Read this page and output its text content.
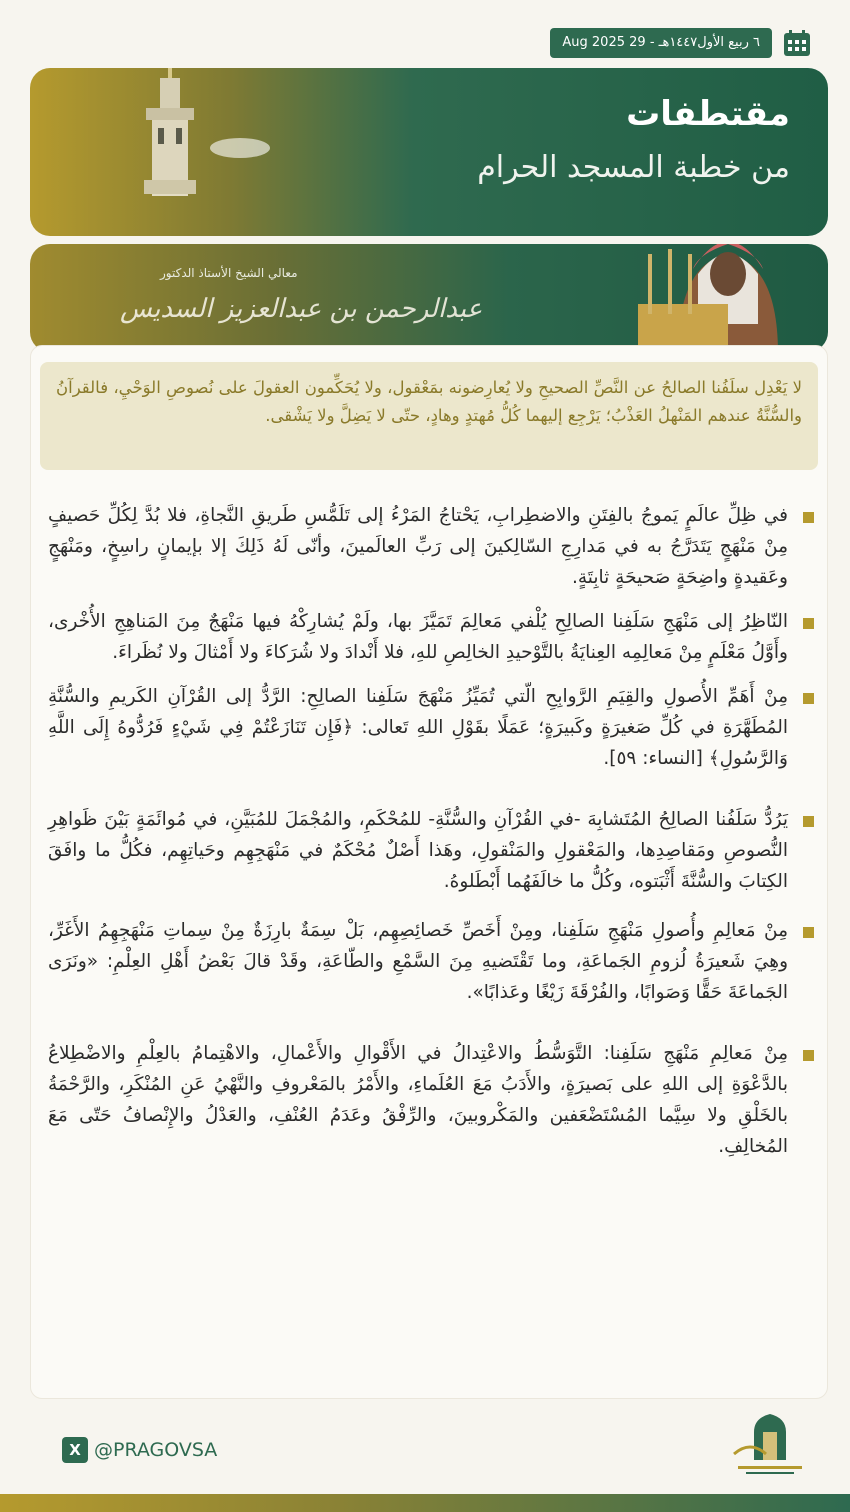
٦ ربيع الأول١٤٤٧هـ - 29 Aug 2025
مقتطفات
من خطبة المسجد الحرام
معالي الشيخ الأستاذ الدكتور
عبدالرحمن بن عبدالعزيز السديس
لا يَعْدِل سلَفُنا الصالحُ عن النَّصِّ الصحيحِ ولا يُعارِضونه بمَعْقول، ولا يُحَكِّمون العقولَ على نُصوصِ الوَحْيِ، فالقرآنُ والسُّنَّةُ عندهم المَنْهلُ العَذْبُ؛ يَرْجِع إليهما كُلُّ مُهتدٍ وهادٍ، حتّى لا يَضِلَّ ولا يَشْقى.
في ظِلِّ عالَمٍ يَموجُ بالفِتَنِ والاضطِرابِ، يَحْتاجُ المَرْءُ إلى تَلَمُّسِ طَريقِ النَّجاةِ، فلا بُدَّ لِكُلِّ حَصيفٍ مِنْ مَنْهَجٍ يَتَدَرَّجُ به في مَدارِجِ السّالِكينَ إلى رَبِّ العالَمينَ، وأنّى لَهُ ذَلِكَ إلا بإيمانٍ راسِخٍ، ومَنْهَجٍ وعَقيدةٍ واضِحَةٍ صَحيحَةٍ ثابِتَةٍ.
النّاظِرُ إلى مَنْهَجِ سَلَفِنا الصالِحِ يُلْفي مَعالِمَ تَمَيَّزَ بها، ولَمْ يُشارِكْهُ فيها مَنْهَجٌ مِنَ المَناهِجِ الأُخْرى، وأَوَّلُ مَعْلَمٍ مِنْ مَعالِمِه العِنايَةُ بالتَّوْحيدِ الخالِصِ للهِ، فلا أَنْدادَ ولا شُرَكاءَ ولا أَمْثالَ ولا نُظَراءَ.
مِنْ أَهَمِّ الأُصولِ والقِيَمِ الرَّوابِحِ الّتي تُمَيِّزُ مَنْهَجَ سَلَفِنا الصالِحِ: الرَّدُّ إلى القُرْآنِ الكَريمِ والسُّنَّةِ المُطَهَّرَةِ في كُلِّ صَغيرَةٍ وكَبيرَةٍ؛ عَمَلًا بقَوْلِ اللهِ تَعالى: ﴿فَإِن تَنَازَعْتُمْ فِي شَيْءٍ فَرُدُّوهُ إِلَى اللَّهِ وَالرَّسُولِ﴾ [النساء: ٥٩].
يَرُدُّ سَلَفُنا الصالِحُ المُتَشابِهَ -في القُرْآنِ والسُّنَّةِ- للمُحْكَمِ، والمُجْمَلَ للمُبَيَّنِ، في مُوائَمَةٍ بَيْنَ ظَواهِرِ النُّصوصِ ومَقاصِدِها، والمَعْقولِ والمَنْقولِ، وهَذا أَصْلٌ مُحْكَمٌ في مَنْهَجِهِم وحَياتِهِم، فكُلُّ ما وافَقَ الكِتابَ والسُّنَّةَ أَثْبَتوه، وكُلُّ ما خالَفَهُما أَبْطَلوهُ.
مِنْ مَعالِمِ وأُصولِ مَنْهَجِ سَلَفِنا، ومِنْ أَخَصِّ خَصائِصِهِم، بَلْ سِمَةٌ بارِزَةٌ مِنْ سِماتِ مَنْهَجِهِمُ الأَغَرِّ، وهِيَ شَعيرَةُ لُزومِ الجَماعَةِ، وما تَقْتَضيهِ مِنَ السَّمْعِ والطّاعَةِ، وقَدْ قالَ بَعْضُ أَهْلِ العِلْمِ: «ونَرَى الجَماعَةَ حَقًّا وَصَوابًا، والفُرْقَةَ زَيْغًا وعَذابًا».
مِنْ مَعالِمِ مَنْهَجِ سَلَفِنا: التَّوَسُّطُ والاعْتِدالُ في الأَقْوالِ والأَعْمالِ، والاهْتِمامُ بالعِلْمِ والاضْطِلاعُ بالدَّعْوَةِ إلى اللهِ على بَصيرَةٍ، والأَدَبُ مَعَ العُلَماءِ، والأَمْرُ بالمَعْروفِ والنَّهْيُ عَنِ المُنْكَرِ، والرَّحْمَةُ بالخَلْقِ ولا سِيَّما المُسْتَضْعَفين والمَكْروبينَ، والرِّفْقُ وعَدَمُ العُنْفِ، والعَدْلُ والإِنْصافُ حَتّى مَعَ المُخالِفِ.
X @PRAGOVSA
